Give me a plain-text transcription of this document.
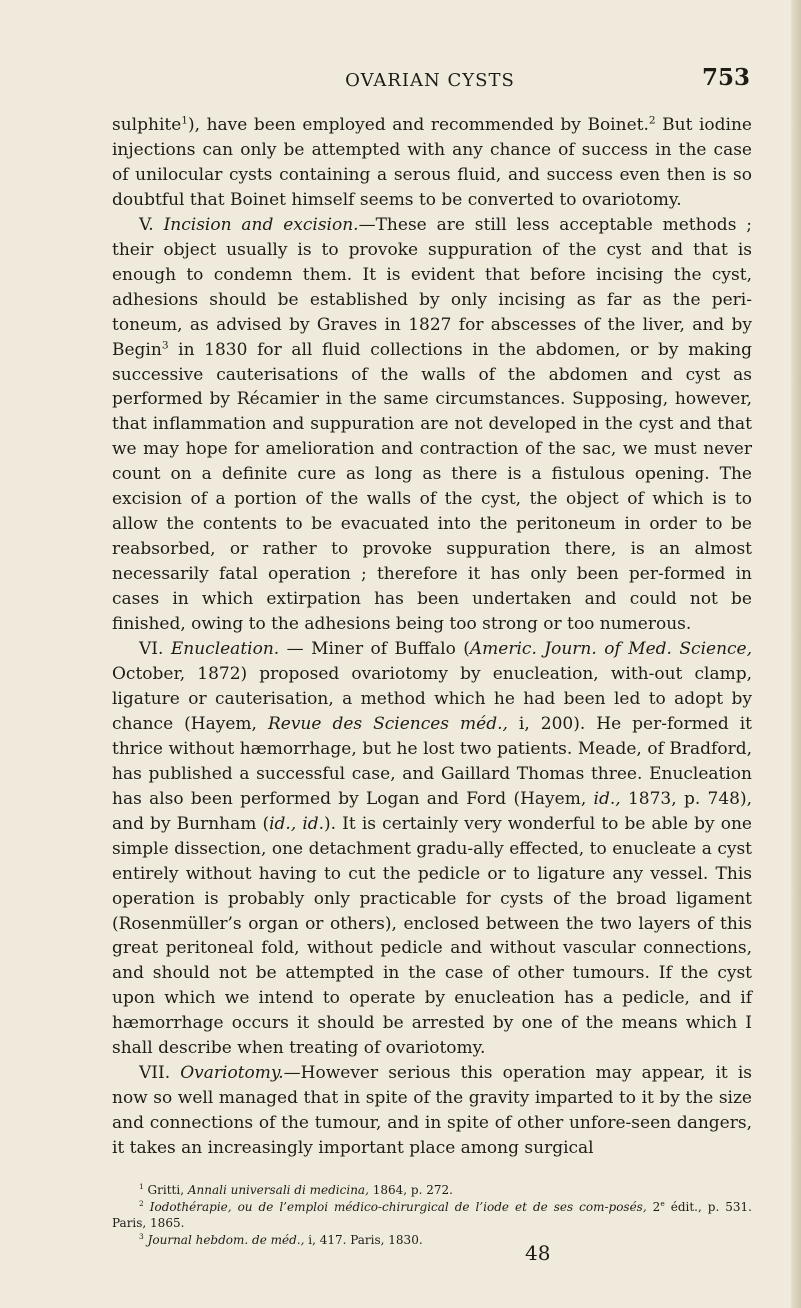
OVARIAN CYSTS	753

sulphite$^1$), have been employed and recommended by Boinet.$^2$ But iodine injections can only be attempted with any chance of success in the case of unilocular cysts containing a serous fluid, and success even then is so doubtful that Boinet himself seems to be converted to ovariotomy.

V. Incision and excision.—These are still less acceptable methods ; their object usually is to provoke suppuration of the cyst and that is enough to condemn them. It is evident that before incising the cyst, adhesions should be established by only incising as far as the peri-toneum, as advised by Graves in 1827 for abscesses of the liver, and by Begin$^3$ in 1830 for all fluid collections in the abdomen, or by making successive cauterisations of the walls of the abdomen and cyst as performed by Récamier in the same circumstances. Supposing, however, that inflammation and suppuration are not developed in the cyst and that we may hope for amelioration and contraction of the sac, we must never count on a definite cure as long as there is a fistulous opening. The excision of a portion of the walls of the cyst, the object of which is to allow the contents to be evacuated into the peritoneum in order to be reabsorbed, or rather to provoke suppuration there, is an almost necessarily fatal operation ; therefore it has only been per-formed in cases in which extirpation has been undertaken and could not be finished, owing to the adhesions being too strong or too numerous.

VI. Enucleation. — Miner of Buffalo (Americ. Journ. of Med. Science, October, 1872) proposed ovariotomy by enucleation, with-out clamp, ligature or cauterisation, a method which he had been led to adopt by chance (Hayem, Revue des Sciences méd., i, 200). He per-formed it thrice without hæmorrhage, but he lost two patients. Meade, of Bradford, has published a successful case, and Gaillard Thomas three. Enucleation has also been performed by Logan and Ford (Hayem, id., 1873, p. 748), and by Burnham (id., id.). It is certainly very wonderful to be able by one simple dissection, one detachment gradu-ally effected, to enucleate a cyst entirely without having to cut the pedicle or to ligature any vessel. This operation is probably only practicable for cysts of the broad ligament (Rosenmüller’s organ or others), enclosed between the two layers of this great peritoneal fold, without pedicle and without vascular connections, and should not be attempted in the case of other tumours. If the cyst upon which we intend to operate by enucleation has a pedicle, and if hæmorrhage occurs it should be arrested by one of the means which I shall describe when treating of ovariotomy.

VII. Ovariotomy.—However serious this operation may appear, it is now so well managed that in spite of the gravity imparted to it by the size and connections of the tumour, and in spite of other unfore-seen dangers, it takes an increasingly important place among surgical

$^1$ Gritti, Annali universali di medicina, 1864, p. 272.

$^2$ Iodothérapie, ou de l’emploi médico-chirurgical de l’iode et de ses com-posés, 2e édit., p. 531. Paris, 1865.

$^3$ Journal hebdom. de méd., i, 417. Paris, 1830.

48
